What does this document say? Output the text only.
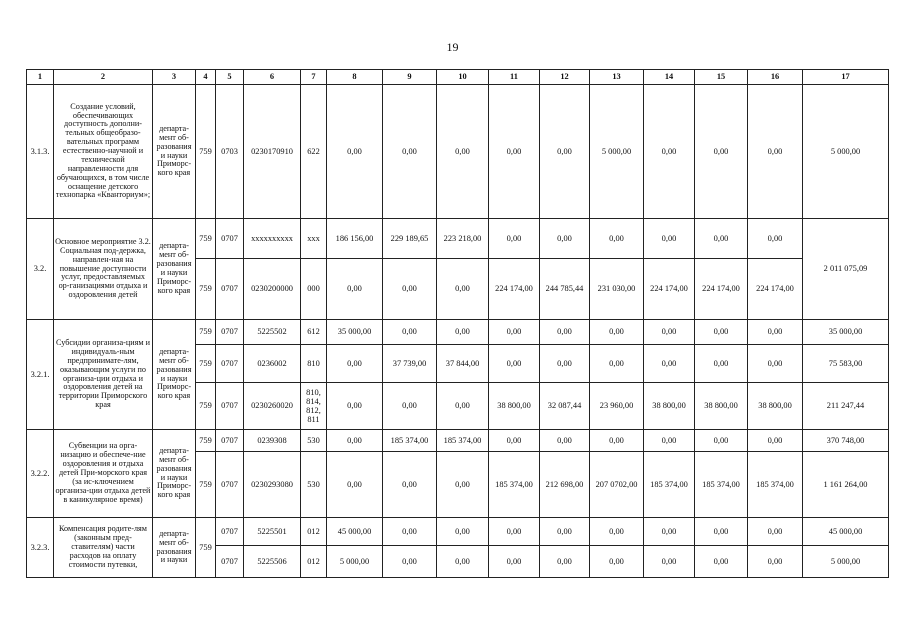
19
1	2	3	4	5	6	7	8	9	10	11	12	13	14	15	16	17
3.1.3.	Создание условий, обеспечивающих доступность дополни-тельных общеобразо-вательных программ естественно-научной и технической направленности для обучающихся, в том числе оснащение детского технопарка «Кванториум»;	департа-мент об-разования и науки Приморс-кого края	759	0703	0230170910	622	0,00	0,00	0,00	0,00	0,00	5 000,00	0,00	0,00	0,00	5 000,00
3.2.	Основное мероприятие 3.2. Социальная под-держка, направлен-ная на повышение доступности услуг, предоставляемых ор-ганизациями отдыха и оздоровления детей	департа-мент об-разования и науки Приморс-кого края	759	0707	xxxxxxxxxx	xxx	186 156,00	229 189,65	223 218,00	0,00	0,00	0,00	0,00	0,00	0,00	2 011 075,09
			759	0707	0230200000	000	0,00	0,00	0,00	224 174,00	244 785,44	231 030,00	224 174,00	224 174,00	224 174,00	
3.2.1.	Субсидии организа-циям и индивидуаль-ным предпринимате-лям, оказывающим услуги по организа-ции отдыха и оздоровления детей на территории Приморского края	департа-мент об-разования и науки Приморс-кого края	759	0707	5225502	612	35 000,00	0,00	0,00	0,00	0,00	0,00	0,00	0,00	0,00	35 000,00
			759	0707	0236002	810	0,00	37 739,00	37 844,00	0,00	0,00	0,00	0,00	0,00	0,00	75 583,00
			759	0707	0230260020	810, 814, 812, 811	0,00	0,00	0,00	38 800,00	32 087,44	23 960,00	38 800,00	38 800,00	38 800,00	211 247,44
3.2.2.	Субвенции на орга-низацию и обеспече-ние оздоровления и отдыха детей При-морского края (за ис-ключением организа-ции отдыха детей в каникулярное время)	департа-мент об-разования и науки Приморс-кого края	759	0707	0239308	530	0,00	185 374,00	185 374,00	0,00	0,00	0,00	0,00	0,00	0,00	370 748,00
			759	0707	0230293080	530	0,00	0,00	0,00	185 374,00	212 698,00	207 0702,00	185 374,00	185 374,00	185 374,00	1 161 264,00
3.2.3.	Компенсация родите-лям (законным пред-ставителям) части расходов на оплату стоимости путевки,	департа-мент об-разования и науки	759	0707	5225501	012	45 000,00	0,00	0,00	0,00	0,00	0,00	0,00	0,00	0,00	45 000,00
				0707	5225506	012	5 000,00	0,00	0,00	0,00	0,00	0,00	0,00	0,00	0,00	5 000,00
